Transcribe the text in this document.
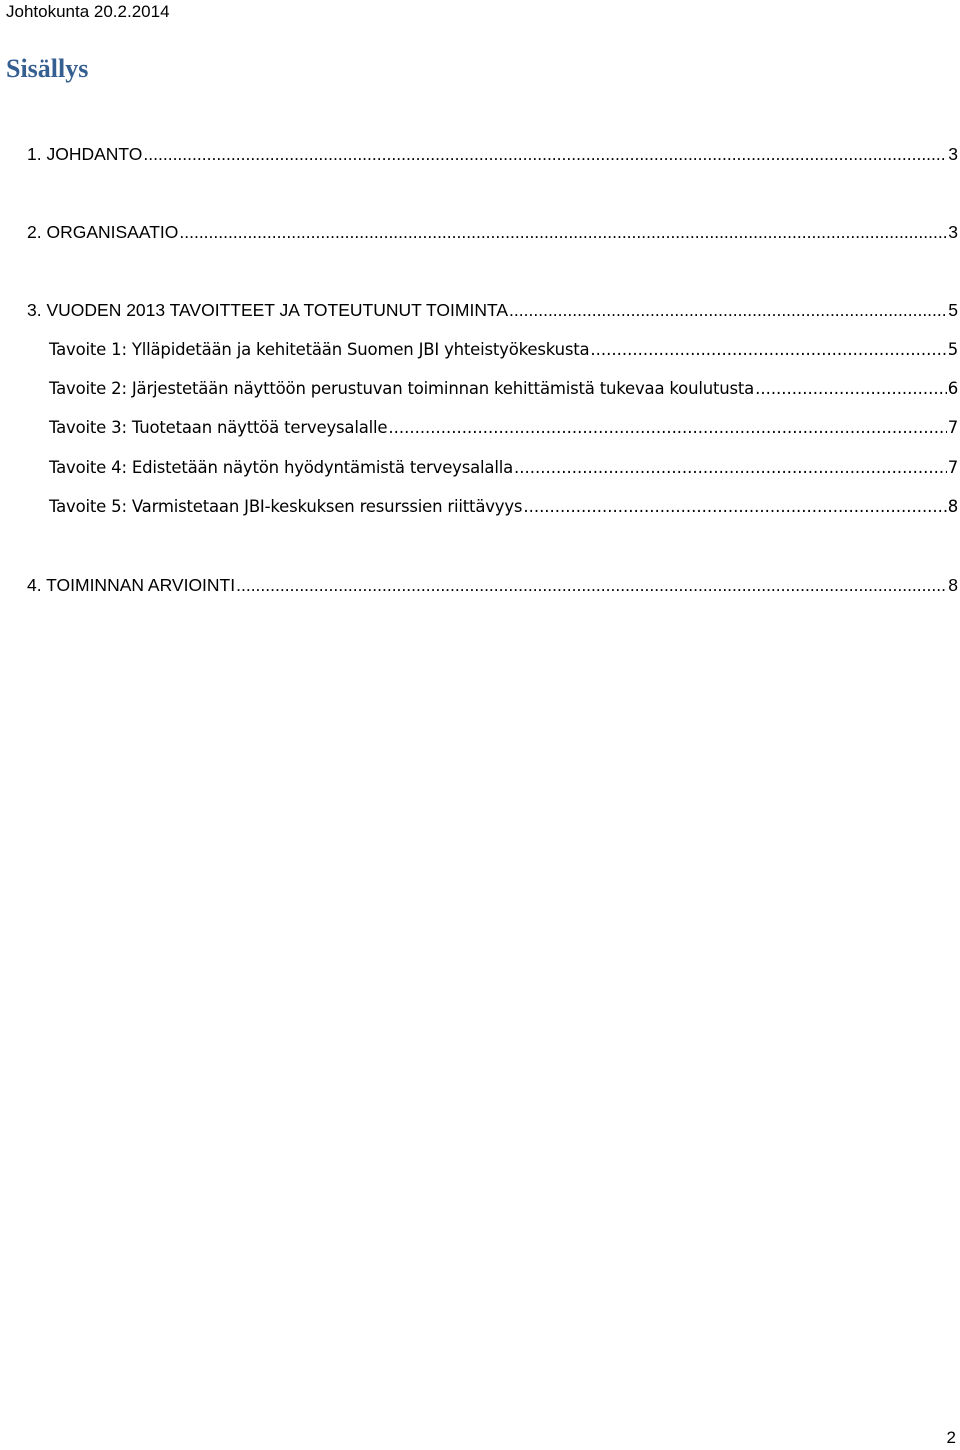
Johtokunta 20.2.2014
Sisällys
1. JOHDANTO .....	3
2. ORGANISAATIO .....	3
3. VUODEN 2013 TAVOITTEET JA TOTEUTUNUT TOIMINTA .....	5
Tavoite 1: Ylläpidetään ja kehitetään Suomen JBI yhteistyökeskusta .....	5
Tavoite 2: Järjestetään näyttöön perustuvan toiminnan kehittämistä tukevaa koulutusta .....	6
Tavoite 3: Tuotetaan näyttöä terveysalalle .....	7
Tavoite 4: Edistetään näytön hyödyntämistä terveysalalla .....	7
Tavoite 5: Varmistetaan JBI-keskuksen resurssien riittävyys .....	8
4. TOIMINNAN ARVIOINTI .....	8
2
